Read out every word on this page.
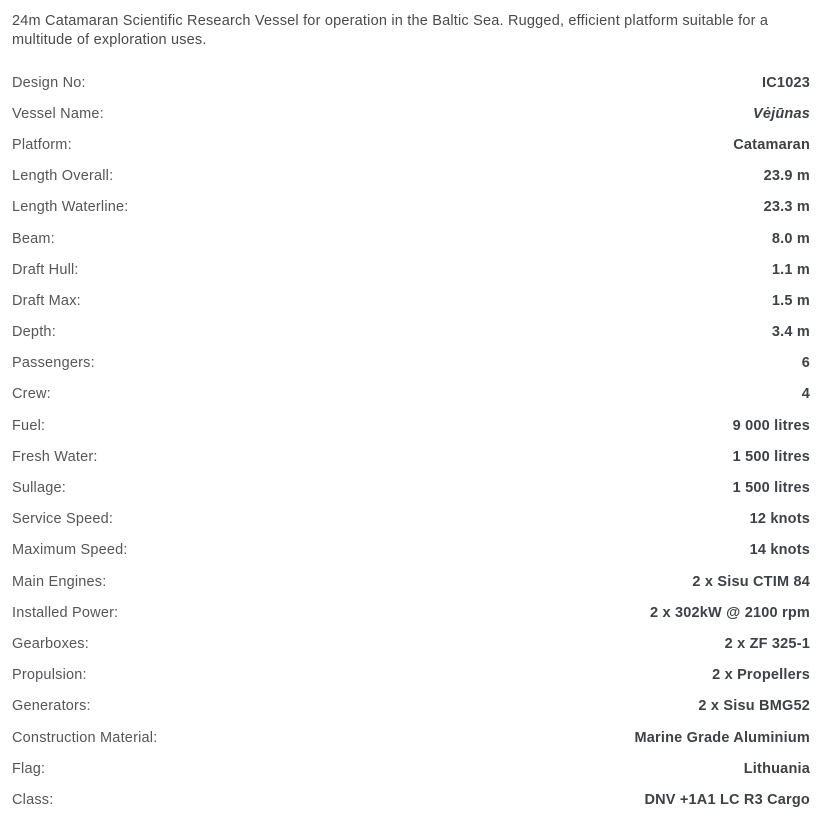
24m Catamaran Scientific Research Vessel for operation in the Baltic Sea. Rugged, efficient platform suitable for a multitude of exploration uses.

Design No:	IC1023
Vessel Name:	Vėjūnas
Platform:	Catamaran
Length Overall:	23.9 m
Length Waterline:	23.3 m
Beam:	8.0 m
Draft Hull:	1.1 m
Draft Max:	1.5 m
Depth:	3.4 m
Passengers:	6
Crew:	4
Fuel:	9 000 litres
Fresh Water:	1 500 litres
Sullage:	1 500 litres
Service Speed:	12 knots
Maximum Speed:	14 knots
Main Engines:	2 x Sisu CTIM 84
Installed Power:	2 x 302kW @ 2100 rpm
Gearboxes:	2 x ZF 325-1
Propulsion:	2 x Propellers
Generators:	2 x Sisu BMG52
Construction Material:	Marine Grade Aluminium
Flag:	Lithuania
Class:	DNV +1A1 LC R3 Cargo
